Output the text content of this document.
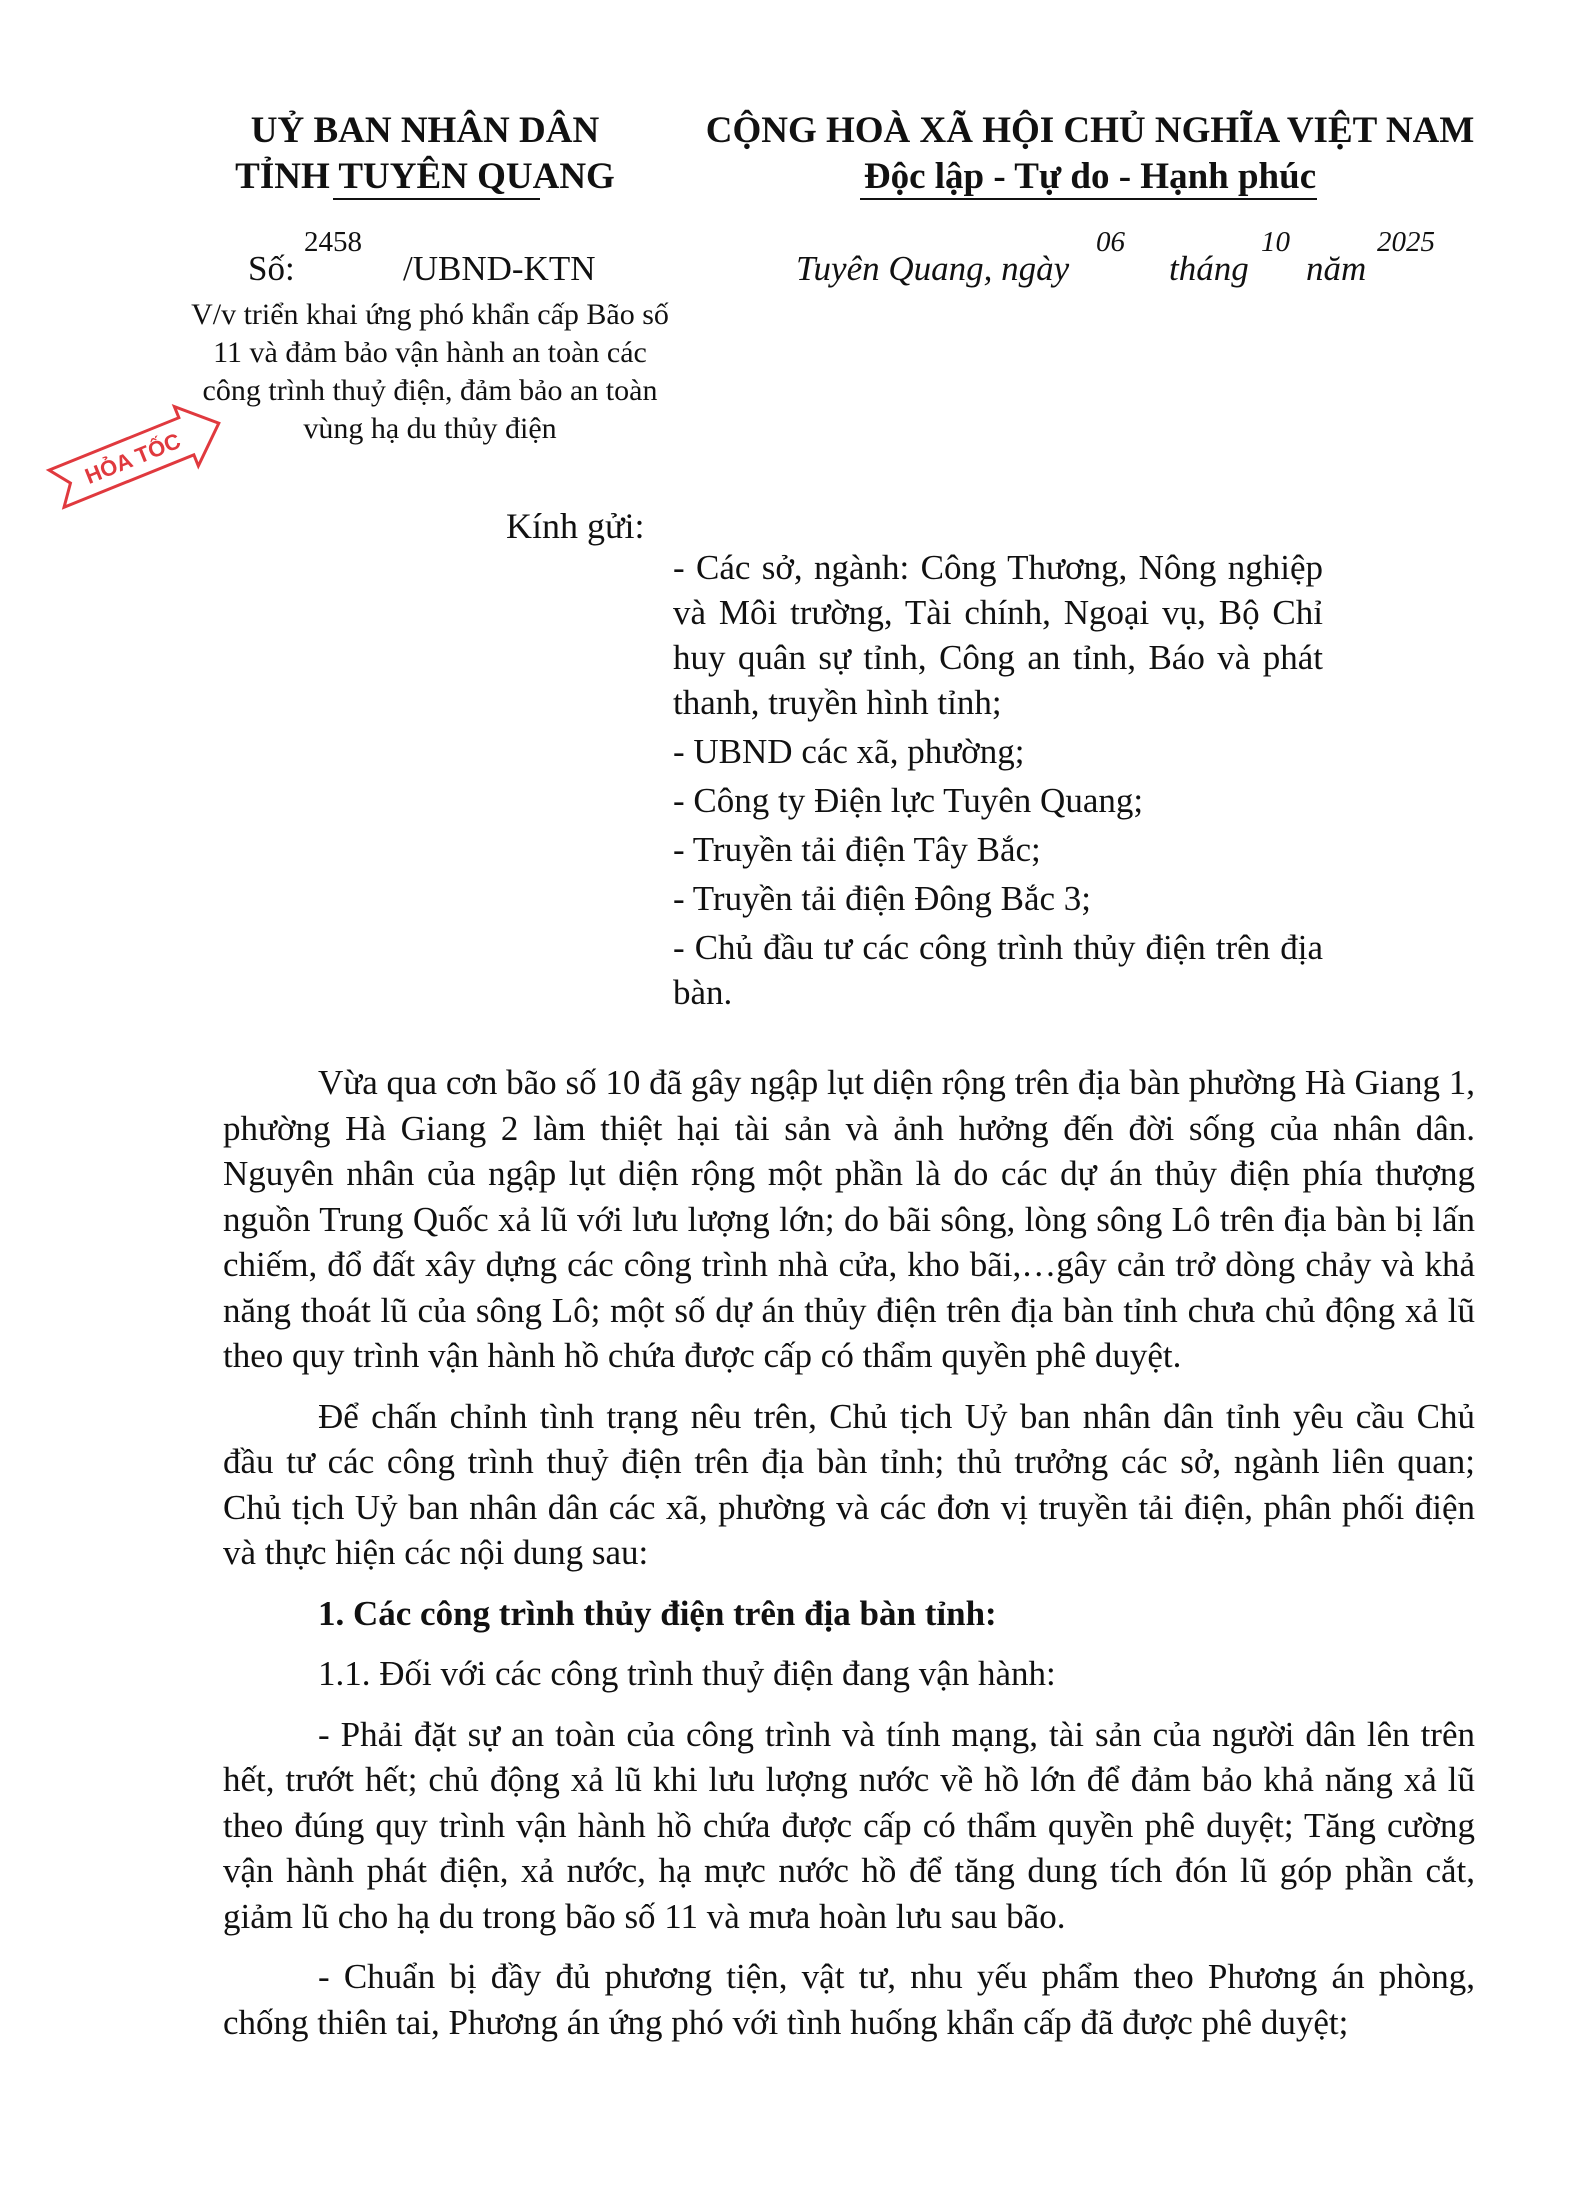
UỶ BAN NHÂN DÂN
TỈNH TUYÊN QUANG
CỘNG HOÀ XÃ HỘI CHỦ NGHĨA VIỆT NAM
Độc lập - Tự do - Hạnh phúc
Số:
2458
/UBND-KTN	Tuyên Quang, ngày
06
tháng
10
năm
2025
V/v triển khai ứng phó khẩn cấp Bão số 11 và đảm bảo vận hành an toàn các công trình thuỷ điện, đảm bảo an toàn vùng hạ du thủy điện
HỎA TỐC
Kính gửi:

- Các sở, ngành: Công Thương, Nông nghiệp và Môi trường, Tài chính, Ngoại vụ, Bộ Chỉ huy quân sự tỉnh, Công an tỉnh, Báo và phát thanh, truyền hình tỉnh;

- UBND các xã, phường;

- Công ty Điện lực Tuyên Quang;

- Truyền tải điện Tây Bắc;

- Truyền tải điện Đông Bắc 3;

- Chủ đầu tư các công trình thủy điện trên địa bàn.

Vừa qua cơn bão số 10 đã gây ngập lụt diện rộng trên địa bàn phường Hà Giang 1, phường Hà Giang 2 làm thiệt hại tài sản và ảnh hưởng đến đời sống của nhân dân. Nguyên nhân của ngập lụt diện rộng một phần là do các dự án thủy điện phía thượng nguồn Trung Quốc xả lũ với lưu lượng lớn; do bãi sông, lòng sông Lô trên địa bàn bị lấn chiếm, đổ đất xây dựng các công trình nhà cửa, kho bãi,…gây cản trở dòng chảy và khả năng thoát lũ của sông Lô; một số dự án thủy điện trên địa bàn tỉnh chưa chủ động xả lũ theo quy trình vận hành hồ chứa được cấp có thẩm quyền phê duyệt.

Để chấn chỉnh tình trạng nêu trên, Chủ tịch Uỷ ban nhân dân tỉnh yêu cầu Chủ đầu tư các công trình thuỷ điện trên địa bàn tỉnh; thủ trưởng các sở, ngành liên quan; Chủ tịch Uỷ ban nhân dân các xã, phường và các đơn vị truyền tải điện, phân phối điện và thực hiện các nội dung sau:

1. Các công trình thủy điện trên địa bàn tỉnh:

1.1. Đối với các công trình thuỷ điện đang vận hành:

- Phải đặt sự an toàn của công trình và tính mạng, tài sản của người dân lên trên hết, trướt hết; chủ động xả lũ khi lưu lượng nước về hồ lớn để đảm bảo khả năng xả lũ theo đúng quy trình vận hành hồ chứa được cấp có thẩm quyền phê duyệt; Tăng cường vận hành phát điện, xả nước, hạ mực nước hồ để tăng dung tích đón lũ góp phần cắt, giảm lũ cho hạ du trong bão số 11 và mưa hoàn lưu sau bão.

- Chuẩn bị đầy đủ phương tiện, vật tư, nhu yếu phẩm theo Phương án phòng, chống thiên tai, Phương án ứng phó với tình huống khẩn cấp đã được phê duyệt;
